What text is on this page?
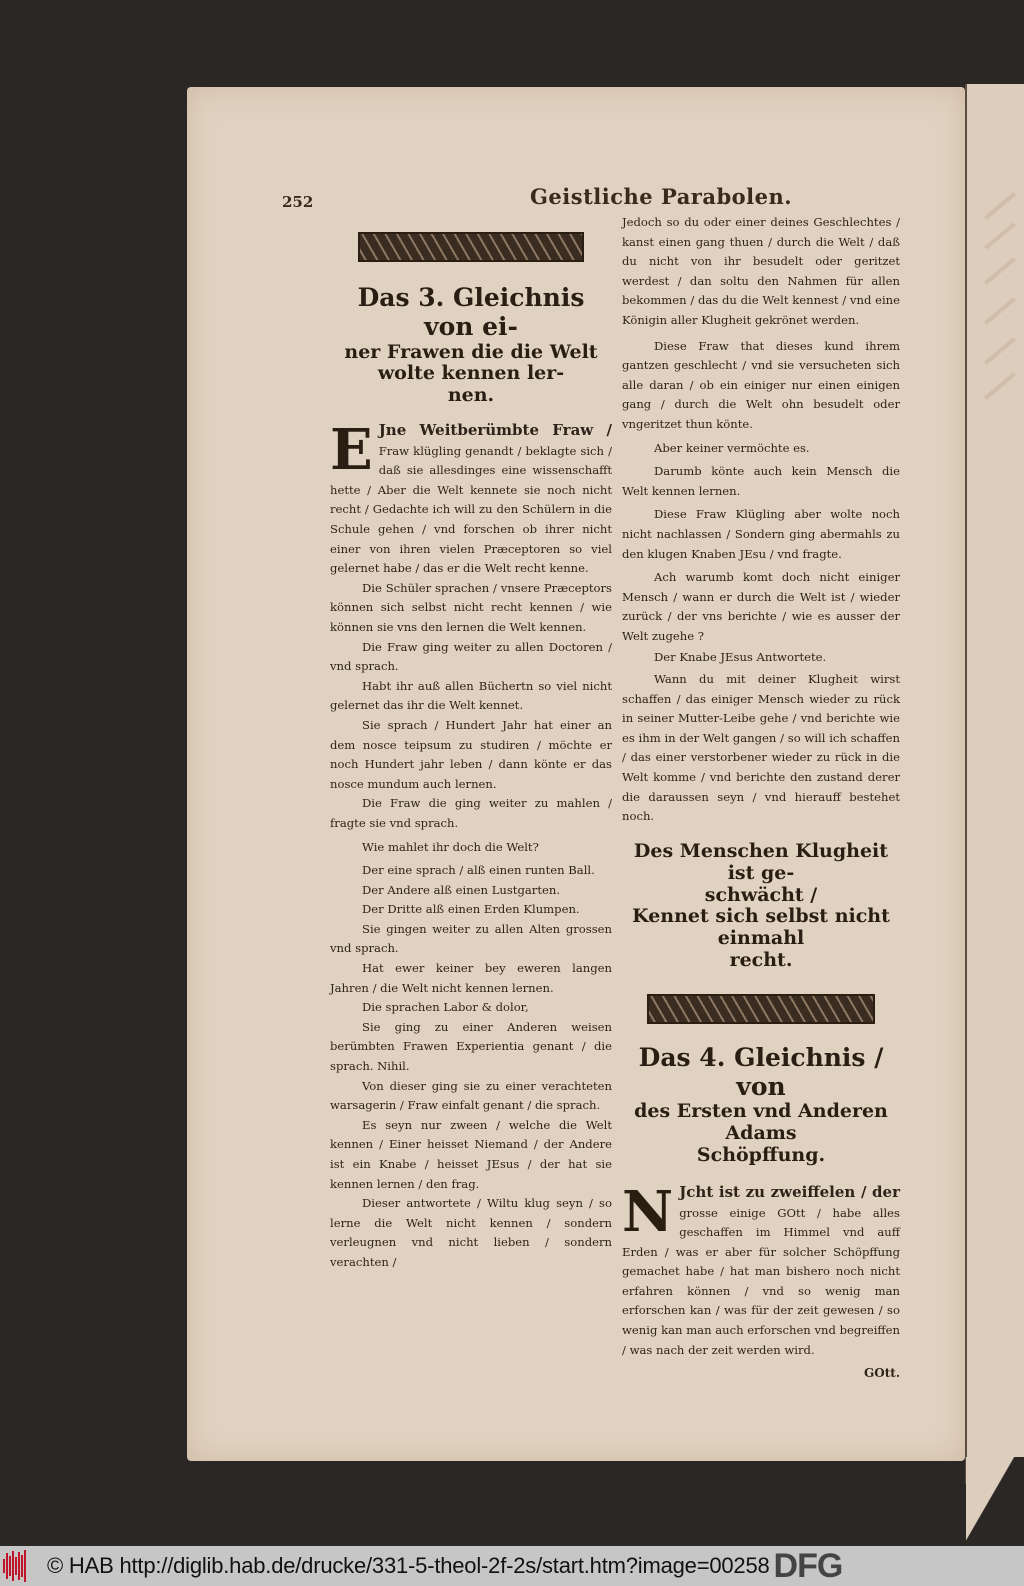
252	Geistliche Parabolen.
Das 3. Gleichnis von ei-
ner Frawen die die Welt
wolte kennen ler-
nen.
E Jne Weitberümbte Fraw / Fraw klügling genandt / beklagte sich / daß sie allesdinges eine wissenschafft hette / Aber die Welt kennete sie noch nicht recht / Gedachte ich will zu den Schülern in die Schule gehen / vnd forschen ob ihrer nicht einer von ihren vielen Præceptoren so viel gelernet habe / das er die Welt recht kenne.
Die Schüler sprachen / vnsere Præceptors können sich selbst nicht recht kennen / wie können sie vns den lernen die Welt kennen.
Die Fraw ging weiter zu allen Doctoren / vnd sprach.
Habt ihr auß allen Büchertn so viel nicht gelernet das ihr die Welt kennet.
Sie sprach / Hundert Jahr hat einer an dem nosce teipsum zu studiren / möchte er noch Hundert jahr leben / dann könte er das nosce mundum auch lernen.
Die Fraw die ging weiter zu mahlen / fragte sie vnd sprach.
Wie mahlet ihr doch die Welt?
Der eine sprach / alß einen runten Ball.
Der Andere alß einen Lustgarten.
Der Dritte alß einen Erden Klumpen.
Sie gingen weiter zu allen Alten grossen vnd sprach.
Hat ewer keiner bey eweren langen Jahren / die Welt nicht kennen lernen.
Die sprachen Labor & dolor,
Sie ging zu einer Anderen weisen berümbten Frawen Experientia genant / die sprach. Nihil.
Von dieser ging sie zu einer verachteten warsagerin / Fraw einfalt genant / die sprach.
Es seyn nur zween / welche die Welt kennen / Einer heisset Niemand / der Andere ist ein Knabe / heisset JEsus / der hat sie kennen lernen / den frag.
Dieser antwortete / Wiltu klug seyn / so lerne die Welt nicht kennen / sondern verleugnen vnd nicht lieben / sondern verachten /
Jedoch so du oder einer deines Geschlechtes / kanst einen gang thuen / durch die Welt / daß du nicht von ihr besudelt oder geritzet werdest / dan soltu den Nahmen für allen bekommen / das du die Welt kennest / vnd eine Königin aller Klugheit gekrönet werden.
Diese Fraw that dieses kund ihrem gantzen geschlecht / vnd sie versucheten sich alle daran / ob ein einiger nur einen einigen gang / durch die Welt ohn besudelt oder vngeritzet thun könte.
Aber keiner vermöchte es.
Darumb könte auch kein Mensch die Welt kennen lernen.
Diese Fraw Klügling aber wolte noch nicht nachlassen / Sondern ging abermahls zu den klugen Knaben JEsu / vnd fragte.
Ach warumb komt doch nicht einiger Mensch / wann er durch die Welt ist / wieder zurück / der vns berichte / wie es ausser der Welt zugehe ?
Der Knabe JEsus Antwortete.
Wann du mit deiner Klugheit wirst schaffen / das einiger Mensch wieder zu rück in seiner Mutter-Leibe gehe / vnd berichte wie es ihm in der Welt gangen / so will ich schaffen / das einer verstorbener wieder zu rück in die Welt komme / vnd berichte den zustand derer die daraussen seyn / vnd hierauff bestehet noch.
Des Menschen Klugheit ist ge-
schwächt /
Kennet sich selbst nicht einmahl
recht.
Das 4. Gleichnis / von
des Ersten vnd Anderen Adams
Schöpffung.
N Jcht ist zu zweiffelen / der grosse einige GOtt / habe alles geschaffen im Himmel vnd auff Erden / was er aber für solcher Schöpffung gemachet habe / hat man bishero noch nicht erfahren können / vnd so wenig man erforschen kan / was für der zeit gewesen / so wenig kan man auch erforschen vnd begreiffen / was nach der zeit werden wird.
GOtt.
© HAB http://diglib.hab.de/drucke/331-5-theol-2f-2s/start.htm?image=00258 DFG
